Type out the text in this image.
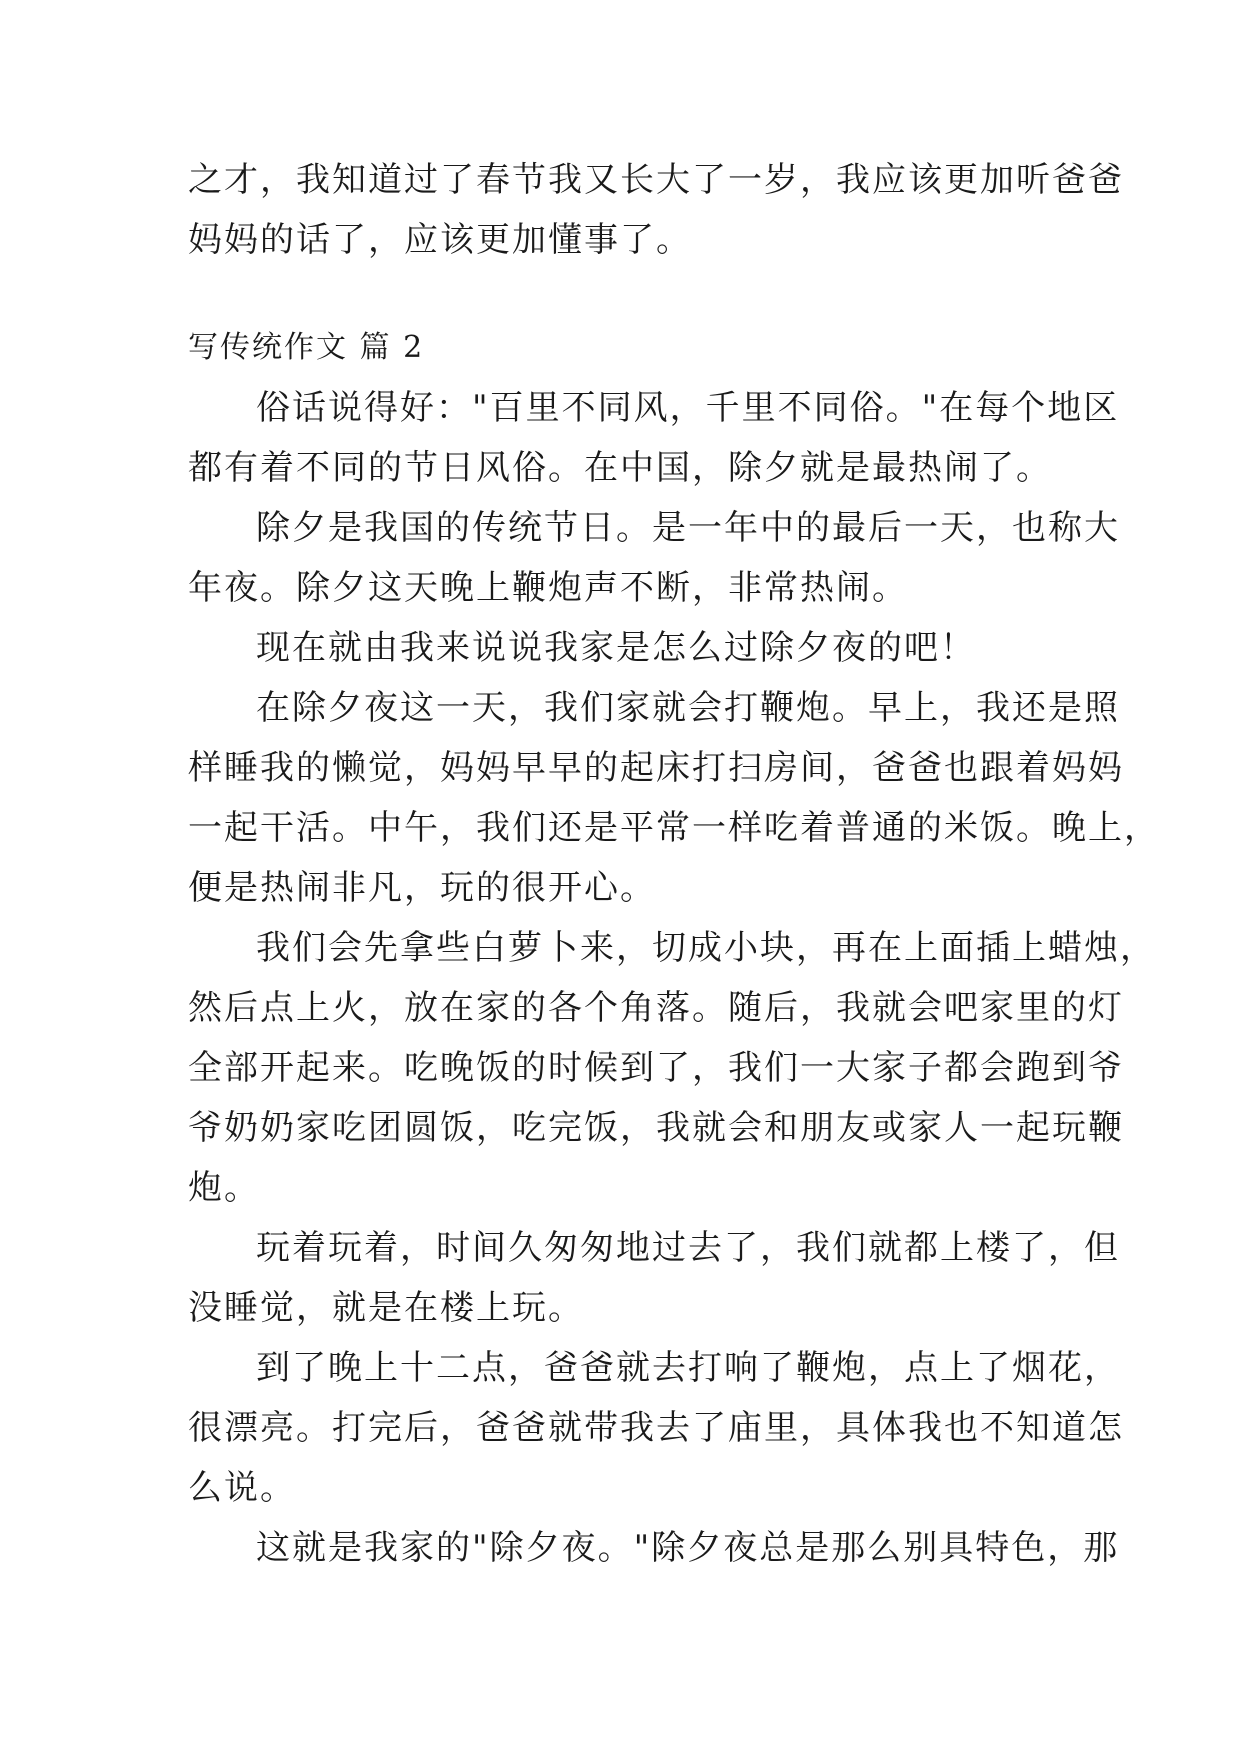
之才，我知道过了春节我又长大了一岁，我应该更加听爸爸
妈妈的话了，应该更加懂事了。
写传统作文 篇 2
俗话说得好："百里不同风，千里不同俗。"在每个地区
都有着不同的节日风俗。在中国，除夕就是最热闹了。
除夕是我国的传统节日。是一年中的最后一天，也称大
年夜。除夕这天晚上鞭炮声不断，非常热闹。
现在就由我来说说我家是怎么过除夕夜的吧！
在除夕夜这一天，我们家就会打鞭炮。早上，我还是照
样睡我的懒觉，妈妈早早的起床打扫房间，爸爸也跟着妈妈
一起干活。中午，我们还是平常一样吃着普通的米饭。晚上，
便是热闹非凡，玩的很开心。
我们会先拿些白萝卜来，切成小块，再在上面插上蜡烛，
然后点上火，放在家的各个角落。随后，我就会吧家里的灯
全部开起来。吃晚饭的时候到了，我们一大家子都会跑到爷
爷奶奶家吃团圆饭，吃完饭，我就会和朋友或家人一起玩鞭
炮。
玩着玩着，时间久匆匆地过去了，我们就都上楼了，但
没睡觉，就是在楼上玩。
到了晚上十二点，爸爸就去打响了鞭炮，点上了烟花，
很漂亮。打完后，爸爸就带我去了庙里，具体我也不知道怎
么说。
这就是我家的"除夕夜。"除夕夜总是那么别具特色，那
